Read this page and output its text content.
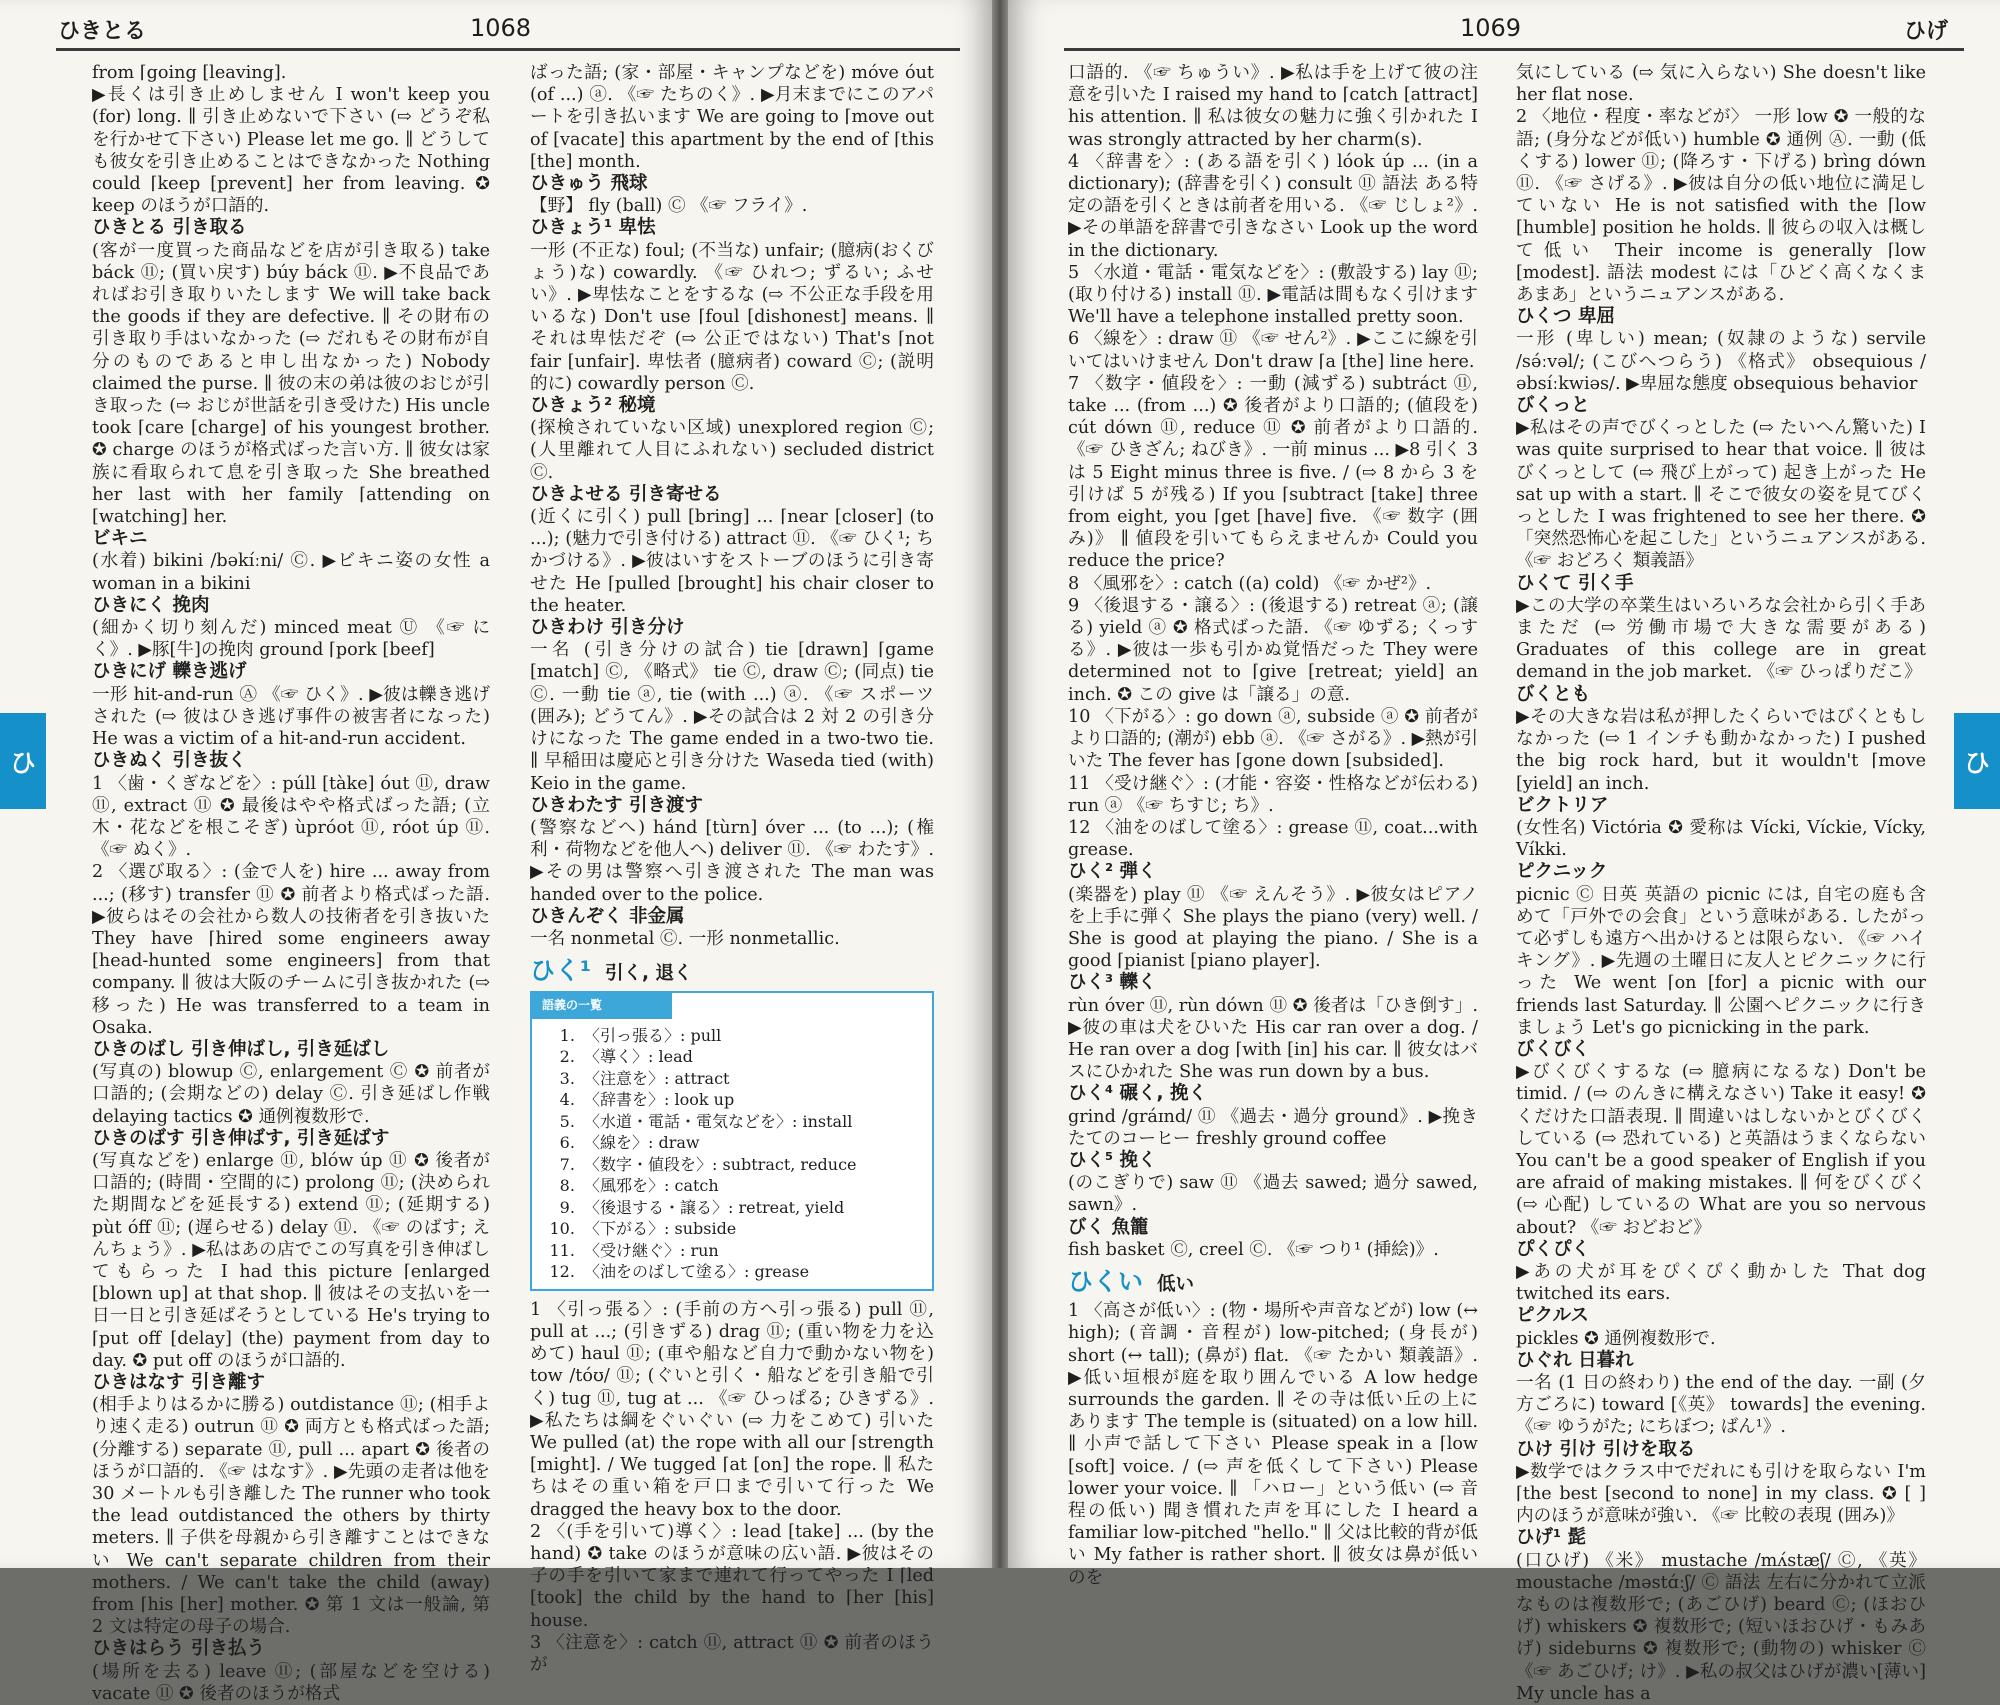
ひきとる	1068

from ⌈going [leaving].

▶長くは引き止めしません I won't keep you (for) long. ∥ 引き止めないで下さい (⇨ どうぞ私を行かせて下さい) Please let me go. ∥ どうしても彼女を引き止めることはできなかった Nothing could ⌈keep [prevent] her from leaving. ✪ keep のほうが口語的.

ひきとる 引き取る

(客が一度買った商品などを店が引き取る) take báck ⑪; (買い戻す) búy báck ⑪. ▶不良品であればお引き取りいたします We will take back the goods if they are defective. ∥ その財布の引き取り手はいなかった (⇨ だれもその財布が自分のものであると申し出なかった) Nobody claimed the purse. ∥ 彼の末の弟は彼のおじが引き取った (⇨ おじが世話を引き受けた) His uncle took ⌈care [charge] of his youngest brother. ✪ charge のほうが格式ばった言い方. ∥ 彼女は家族に看取られて息を引き取った She breathed her last with her family ⌈attending on [watching] her.

ビキニ

(水着) bikini /bəkíːni/ Ⓒ. ▶ビキニ姿の女性 a woman in a bikini

ひきにく 挽肉

(細かく切り刻んだ) minced meat Ⓤ 《☞ にく》. ▶豚[牛]の挽肉 ground ⌈pork [beef]

ひきにげ 轢き逃げ

一形 hit-and-run Ⓐ 《☞ ひく》. ▶彼は轢き逃げされた (⇨ 彼はひき逃げ事件の被害者になった) He was a victim of a hit-and-run accident.

ひきぬく 引き抜く

1 〈歯・くぎなどを〉: púll [tàke] óut ⑪, draw ⑪, extract ⑪ ✪ 最後はやや格式ばった語; (立木・花などを根こそぎ) ùpróot ⑪, róot úp ⑪. 《☞ ぬく》.

2 〈選び取る〉: (金で人を) hire ... away from ...; (移す) transfer ⑪ ✪ 前者より格式ばった語. ▶彼らはその会社から数人の技術者を引き抜いた They have ⌈hired some engineers away [head-hunted some engineers] from that company. ∥ 彼は大阪のチームに引き抜かれた (⇨ 移った) He was transferred to a team in Osaka.

ひきのばし 引き伸ばし, 引き延ばし

(写真の) blowup Ⓒ, enlargement Ⓒ ✪ 前者が口語的; (会期などの) delay Ⓒ. 引き延ばし作戦 delaying tactics ✪ 通例複数形で.

ひきのばす 引き伸ばす, 引き延ばす

(写真などを) enlarge ⑪, blów úp ⑪ ✪ 後者が口語的; (時間・空間的に) prolong ⑪; (決められた期間などを延長する) extend ⑪; (延期する) pùt óff ⑪; (遅らせる) delay ⑪. 《☞ のばす; えんちょう》. ▶私はあの店でこの写真を引き伸ばしてもらった I had this picture ⌈enlarged [blown up] at that shop. ∥ 彼はその支払いを一日一日と引き延ばそうとしている He's trying to ⌈put off [delay] (the) payment from day to day. ✪ put off のほうが口語的.

ひきはなす 引き離す

(相手よりはるかに勝る) outdistance ⑪; (相手より速く走る) outrun ⑪ ✪ 両方とも格式ばった語; (分離する) separate ⑪, pull ... apart ✪ 後者のほうが口語的. 《☞ はなす》. ▶先頭の走者は他を 30 メートルも引き離した The runner who took the lead outdistanced the others by thirty meters. ∥ 子供を母親から引き離すことはできない We can't separate children from their mothers. / We can't take the child (away) from ⌈his [her] mother. ✪ 第 1 文は一般論, 第 2 文は特定の母子の場合.

ひきはらう 引き払う

(場所を去る) leave ⑪; (部屋などを空ける) vacate ⑪ ✪ 後者のほうが格式

ばった語; (家・部屋・キャンプなどを) móve óut (of ...) ⓐ. 《☞ たちのく》. ▶月末までにこのアパートを引き払います We are going to ⌈move out of [vacate] this apartment by the end of ⌈this [the] month.

ひきゅう 飛球

【野】 fly (ball) Ⓒ 《☞ フライ》.

ひきょう¹ 卑怯

一形 (不正な) foul; (不当な) unfair; (臆病(おくびょう)な) cowardly. 《☞ ひれつ; ずるい; ふせい》. ▶卑怯なことをするな (⇨ 不公正な手段を用いるな) Don't use ⌈foul [dishonest] means. ∥ それは卑怯だぞ (⇨ 公正ではない) That's ⌈not fair [unfair]. 卑怯者 (臆病者) coward Ⓒ; (説明的に) cowardly person Ⓒ.

ひきょう² 秘境

(探検されていない区域) unexplored region Ⓒ; (人里離れて人目にふれない) secluded district Ⓒ.

ひきよせる 引き寄せる

(近くに引く) pull [bring] ... ⌈near [closer] (to ...); (魅力で引き付ける) attract ⑪. 《☞ ひく¹; ちかづける》. ▶彼はいすをストーブのほうに引き寄せた He ⌈pulled [brought] his chair closer to the heater.

ひきわけ 引き分け

一名 (引き分けの試合) tie [drawn] ⌈game [match] Ⓒ, 《略式》 tie Ⓒ, draw Ⓒ; (同点) tie Ⓒ. 一動 tie ⓐ, tie (with ...) ⓐ. 《☞ スポーツ (囲み); どうてん》. ▶その試合は 2 対 2 の引き分けになった The game ended in a two-two tie. ∥ 早稲田は慶応と引き分けた Waseda tied (with) Keio in the game.

ひきわたす 引き渡す

(警察などへ) hánd [tùrn] óver ... (to ...); (権利・荷物などを他人へ) deliver ⑪. 《☞ わたす》. ▶その男は警察へ引き渡された The man was handed over to the police.

ひきんぞく 非金属

一名 nonmetal Ⓒ. 一形 nonmetallic.

ひく¹ 引く, 退く

語義の一覧
1. 〈引っ張る〉: pull
2. 〈導く〉: lead
3. 〈注意を〉: attract
4. 〈辞書を〉: look up
5. 〈水道・電話・電気などを〉: install
6. 〈線を〉: draw
7. 〈数字・値段を〉: subtract, reduce
8. 〈風邪を〉: catch
9. 〈後退する・譲る〉: retreat, yield
10. 〈下がる〉: subside
11. 〈受け継ぐ〉: run
12. 〈油をのばして塗る〉: grease

1 〈引っ張る〉: (手前の方へ引っ張る) pull ⑪, pull at ...; (引きずる) drag ⑪; (重い物を力を込めて) haul ⑪; (車や船など自力で動かない物を) tow /tóʊ/ ⑪; (ぐいと引く・船などを引き船で引く) tug ⑪, tug at ... 《☞ ひっぱる; ひきずる》. ▶私たちは綱をぐいぐい (⇨ 力をこめて) 引いた We pulled (at) the rope with all our ⌈strength [might]. / We tugged ⌈at [on] the rope. ∥ 私たちはその重い箱を戸口まで引いて行った We dragged the heavy box to the door.

2 〈(手を引いて)導く〉: lead [take] ... (by the hand) ✪ take のほうが意味の広い語. ▶彼はその子の手を引いて家まで連れて行ってやった I ⌈led [took] the child by the hand to ⌈her [his] house.

3 〈注意を〉: catch ⑪, attract ⑪ ✪ 前者のほうが

ひ
1069	ひげ

口語的. 《☞ ちゅうい》. ▶私は手を上げて彼の注意を引いた I raised my hand to ⌈catch [attract] his attention. ∥ 私は彼女の魅力に強く引かれた I was strongly attracted by her charm(s).

4 〈辞書を〉: (ある語を引く) lóok úp ... (in a dictionary); (辞書を引く) consult ⑪ 語法 ある特定の語を引くときは前者を用いる. 《☞ じしょ²》. ▶その単語を辞書で引きなさい Look up the word in the dictionary.

5 〈水道・電話・電気などを〉: (敷設する) lay ⑪; (取り付ける) install ⑪. ▶電話は間もなく引けます We'll have a telephone installed pretty soon.

6 〈線を〉: draw ⑪ 《☞ せん²》. ▶ここに線を引いてはいけません Don't draw ⌈a [the] line here.

7 〈数字・値段を〉: 一動 (減ずる) subtráct ⑪, take ... (from ...) ✪ 後者がより口語的; (値段を) cút dówn ⑪, reduce ⑪ ✪ 前者がより口語的. 《☞ ひきざん; ねびき》. 一前 minus ... ▶8 引く 3 は 5 Eight minus three is five. / (⇨ 8 から 3 を引けば 5 が残る) If you ⌈subtract [take] three from eight, you ⌈get [have] five. 《☞ 数字 (囲み)》 ∥ 値段を引いてもらえませんか Could you reduce the price?

8 〈風邪を〉: catch ((a) cold) 《☞ かぜ²》.

9 〈後退する・譲る〉: (後退する) retreat ⓐ; (譲る) yield ⓐ ✪ 格式ばった語. 《☞ ゆずる; くっする》. ▶彼は一歩も引かぬ覚悟だった They were determined not to ⌈give [retreat; yield] an inch. ✪ この give は「譲る」の意.

10 〈下がる〉: go down ⓐ, subside ⓐ ✪ 前者がより口語的; (潮が) ebb ⓐ. 《☞ さがる》. ▶熱が引いた The fever has ⌈gone down [subsided].

11 〈受け継ぐ〉: (才能・容姿・性格などが伝わる) run ⓐ 《☞ ちすじ; ち》.

12 〈油をのばして塗る〉: grease ⑪, coat...with grease.

ひく² 弾く

(楽器を) play ⑪ 《☞ えんそう》. ▶彼女はピアノを上手に弾く She plays the piano (very) well. / She is good at playing the piano. / She is a good ⌈pianist [piano player].

ひく³ 轢く

rùn óver ⑪, rùn dówn ⑪ ✪ 後者は「ひき倒す」. ▶彼の車は犬をひいた His car ran over a dog. / He ran over a dog ⌈with [in] his car. ∥ 彼女はバスにひかれた She was run down by a bus.

ひく⁴ 碾く, 挽く

grind /gráɪnd/ ⑪ 《過去・過分 ground》. ▶挽きたてのコーヒー freshly ground coffee

ひく⁵ 挽く

(のこぎりで) saw ⑪ 《過去 sawed; 過分 sawed, sawn》.

びく 魚籠

fish basket Ⓒ, creel Ⓒ. 《☞ つり¹ (挿絵)》.

ひくい 低い

1 〈高さが低い〉: (物・場所や声音などが) low (↔ high); (音調・音程が) low-pitched; (身長が) short (↔ tall); (鼻が) flat. 《☞ たかい 類義語》. ▶低い垣根が庭を取り囲んでいる A low hedge surrounds the garden. ∥ その寺は低い丘の上にあります The temple is (situated) on a low hill. ∥ 小声で話して下さい Please speak in a ⌈low [soft] voice. / (⇨ 声を低くして下さい) Please lower your voice. ∥ 「ハロー」という低い (⇨ 音程の低い) 聞き慣れた声を耳にした I heard a familiar low-pitched "hello." ∥ 父は比較的背が低い My father is rather short. ∥ 彼女は鼻が低いのを

気にしている (⇨ 気に入らない) She doesn't like her flat nose.

2 〈地位・程度・率などが〉 一形 low ✪ 一般的な語; (身分などが低い) humble ✪ 通例 Ⓐ. 一動 (低くする) lower ⑪; (降ろす・下げる) brìng dówn ⑪. 《☞ さげる》. ▶彼は自分の低い地位に満足していない He is not satisfied with the ⌈low [humble] position he holds. ∥ 彼らの収入は概して低い Their income is generally ⌈low [modest]. 語法 modest には「ひどく高くなくまあまあ」というニュアンスがある.

ひくつ 卑屈

一形 (卑しい) mean; (奴隷のような) servile /sə́ːvəl/; (こびへつらう) 《格式》 obsequious /əbsíːkwiəs/. ▶卑屈な態度 obsequious behavior

びくっと

▶私はその声でびくっとした (⇨ たいへん驚いた) I was quite surprised to hear that voice. ∥ 彼はびくっとして (⇨ 飛び上がって) 起き上がった He sat up with a start. ∥ そこで彼女の姿を見てびくっとした I was frightened to see her there. ✪「突然恐怖心を起こした」というニュアンスがある. 《☞ おどろく 類義語》

ひくて 引く手

▶この大学の卒業生はいろいろな会社から引く手あまただ (⇨ 労働市場で大きな需要がある) Graduates of this college are in great demand in the job market. 《☞ ひっぱりだこ》

びくとも

▶その大きな岩は私が押したくらいではびくともしなかった (⇨ 1 インチも動かなかった) I pushed the big rock hard, but it wouldn't ⌈move [yield] an inch.

ビクトリア

(女性名) Victória ✪ 愛称は Vícki, Víckie, Vícky, Víkki.

ピクニック

picnic Ⓒ 日英 英語の picnic には, 自宅の庭も含めて「戸外での会食」という意味がある. したがって必ずしも遠方へ出かけるとは限らない. 《☞ ハイキング》. ▶先週の土曜日に友人とピクニックに行った We went ⌈on [for] a picnic with our friends last Saturday. ∥ 公園へピクニックに行きましょう Let's go picnicking in the park.

びくびく

▶びくびくするな (⇨ 臆病になるな) Don't be timid. / (⇨ のんきに構えなさい) Take it easy! ✪ くだけた口語表現. ∥ 間違いはしないかとびくびくしている (⇨ 恐れている) と英語はうまくならない You can't be a good speaker of English if you are afraid of making mistakes. ∥ 何をびくびく (⇨ 心配) しているの What are you so nervous about? 《☞ おどおど》

ぴくぴく

▶あの犬が耳をぴくぴく動かした That dog twitched its ears.

ピクルス

pickles ✪ 通例複数形で.

ひぐれ 日暮れ

一名 (1 日の終わり) the end of the day. 一副 (夕方ごろに) toward [《英》 towards] the evening. 《☞ ゆうがた; にちぼつ; ばん¹》.

ひけ 引け 引けを取る

▶数学ではクラス中でだれにも引けを取らない I'm ⌈the best [second to none] in my class. ✪ [ ] 内のほうが意味が強い. 《☞ 比較の表現 (囲み)》

ひげ¹ 髭

(口ひげ) 《米》 mustache /mʌ́stæʃ/ Ⓒ, 《英》 moustache /məstɑ́ːʃ/ Ⓒ 語法 左右に分かれて立派なものは複数形で; (あごひげ) beard Ⓒ; (ほおひげ) whiskers ✪ 複数形で; (短いほおひげ・もみあげ) sideburns ✪ 複数形で; (動物の) whisker Ⓒ 《☞ あごひげ; け》. ▶私の叔父はひげが濃い[薄い] My uncle has a

ひ
